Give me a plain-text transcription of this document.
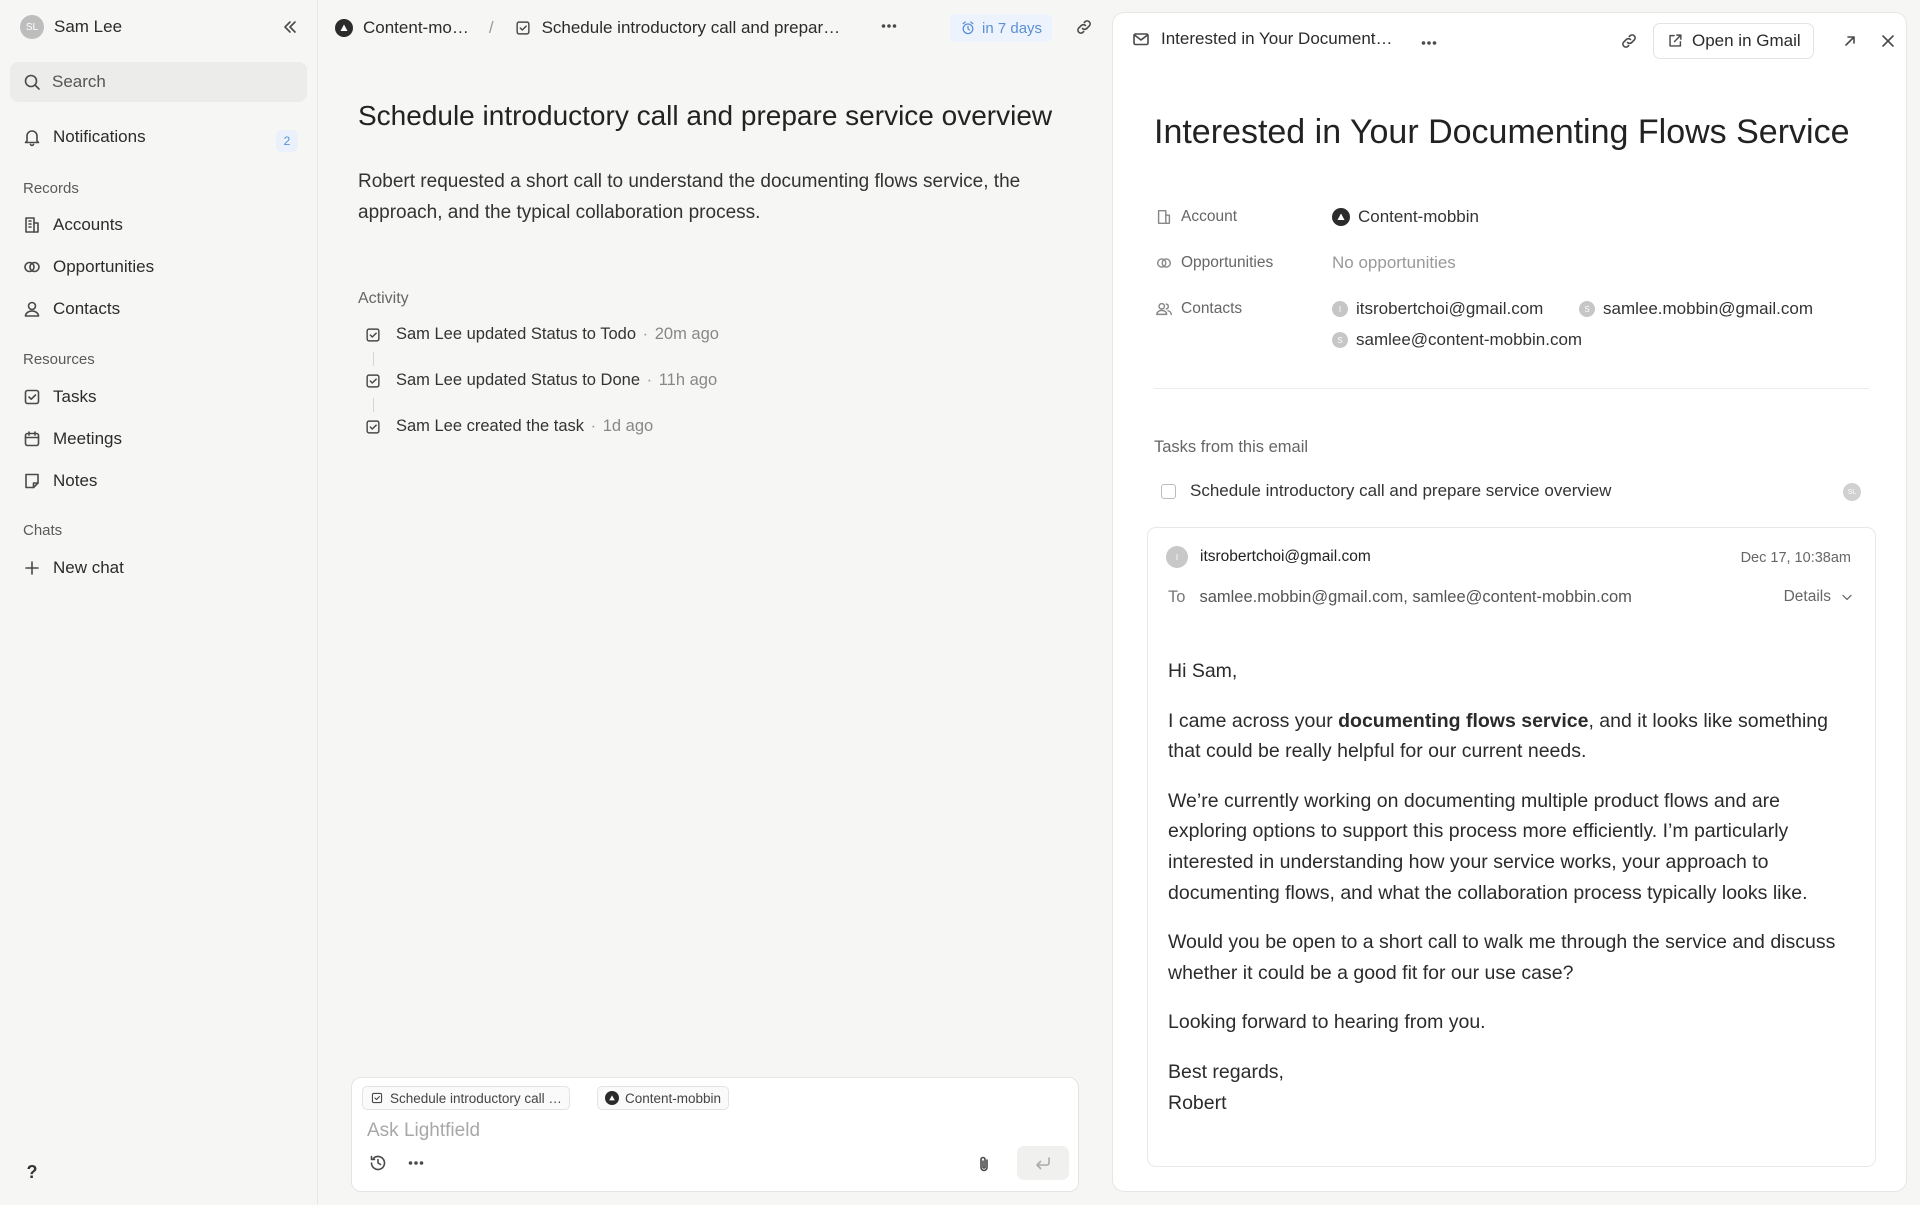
SL Sam Lee
Search
Notifications	2
Records
Accounts
Opportunities
Contacts
Resources
Tasks
Meetings
Notes
Chats
New chat
?
Content-mo… /	Schedule introductory call and prepar…	in 7 days
Schedule introductory call and prepare service overview

Robert requested a short call to understand the documenting flows service, the approach, and the typical collaboration process.

Activity
Sam Lee updated Status to Todo · 20m ago
Sam Lee updated Status to Done · 11h ago
Sam Lee created the task · 1d ago
Schedule introductory call …	Content-mobbin
Ask Lightfield
Interested in Your Document…	Open in Gmail
Interested in Your Documenting Flows Service
Account	Content-mobbin
Opportunities	No opportunities
Contacts	I itsrobertchoi@gmail.com	S samlee.mobbin@gmail.com
S samlee@content-mobbin.com
Tasks from this email
Schedule introductory call and prepare service overview	SL
I	itsrobertchoi@gmail.com	Dec 17, 10:38am
To samlee.mobbin@gmail.com, samlee@content-mobbin.com	Details

Hi Sam,

I came across your documenting flows service, and it looks like something that could be really helpful for our current needs.

We’re currently working on documenting multiple product flows and are exploring options to support this process more efficiently. I’m particularly interested in understanding how your service works, your approach to documenting flows, and what the collaboration process typically looks like.

Would you be open to a short call to walk me through the service and discuss whether it could be a good fit for our use case?

Looking forward to hearing from you.

Best regards,
Robert
